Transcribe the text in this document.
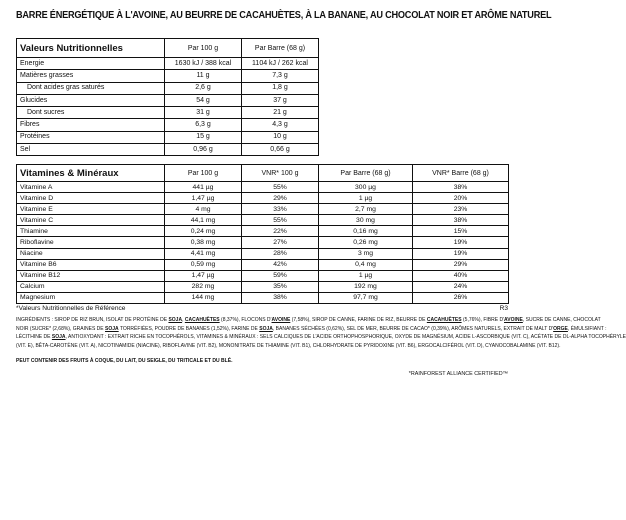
BARRE ÉNERGÉTIQUE À L'AVOINE, AU BEURRE DE CACAHUÈTES, À LA BANANE, AU CHOCOLAT NOIR ET ARÔME NATUREL
Valeurs Nutritionnelles	Par 100 g	Par Barre (68 g)
Energie	1630 kJ / 388 kcal	1104 kJ / 262 kcal
Matières grasses	11 g	7,3 g
Dont acides gras saturés	2,6 g	1,8 g
Glucides	54 g	37 g
Dont sucres	31 g	21 g
Fibres	6,3 g	4,3 g
Protéines	15 g	10 g
Sel	0,96 g	0,66 g
Vitamines & Minéraux	Par 100 g	VNR* 100 g	Par Barre (68 g)	VNR* Barre (68 g)
Vitamine A	441 µg	55%	300 µg	38%
Vitamine D	1,47 µg	29%	1 µg	20%
Vitamine E	4 mg	33%	2,7 mg	23%
Vitamine C	44,1 mg	55%	30 mg	38%
Thiamine	0,24 mg	22%	0,16 mg	15%
Riboflavine	0,38 mg	27%	0,26 mg	19%
Niacine	4,41 mg	28%	3 mg	19%
Vitamine B6	0,59 mg	42%	0,4 mg	29%
Vitamine B12	1,47 µg	59%	1 µg	40%
Calcium	282 mg	35%	192 mg	24%
Magnesium	144 mg	38%	97,7 mg	26%
*Valeurs Nutritionnelles de Référence	R3
INGRÉDIENTS : SIROP DE RIZ BRUN, ISOLAT DE PROTÉINE DE SOJA, CACAHUÈTES (8,37%), FLOCONS D'AVOINE (7,58%), SIROP DE CANNE, FARINE DE RIZ, BEURRE DE CACAHUÈTES (5,76%), FIBRE D'AVOINE, SUCRE DE CANNE, CHOCOLAT
NOIR (SUCRE* (2,68%), GRAINES DE SOJA TORRÉFIÉES, POUDRE DE BANANES (1,52%), FARINE DE SOJA, BANANES SÉCHÉES (0,62%), SEL DE MER, BEURRE DE CACAO* (0,39%), ARÔMES NATURELS, EXTRAIT DE MALT D'ORGE, ÉMULSIFIANT :
LÉCITHINE DE SOJA, ANTIOXYDANT : EXTRAIT RICHE EN TOCOPHÉROLS, VITAMINES & MINÉRAUX : SELS CALCIQUES DE L'ACIDE ORTHOPHOSPHORIQUE, OXYDE DE MAGNÉSIUM, ACIDE L-ASCORBIQUE (VIT. C), ACÉTATE DE DL-ALPHA TOCOPHÉRYLE
(VIT. E), BÊTA-CAROTÈNE (VIT. A), NICOTINAMIDE (NIACINE), RIBOFLAVINE (VIT. B2), MONONITRATE DE THIAMINE (VIT. B1), CHLORHYDRATE DE PYRIDOXINE (VIT. B6), ERGOCALCIFÉROL (VIT. D), CYANOCOBALAMINE (VIT. B12).
PEUT CONTENIR DES FRUITS À COQUE, DU LAIT, DU SEIGLE, DU TRITICALE ET DU BLÉ.
*RAINFOREST ALLIANCE CERTIFIED™
